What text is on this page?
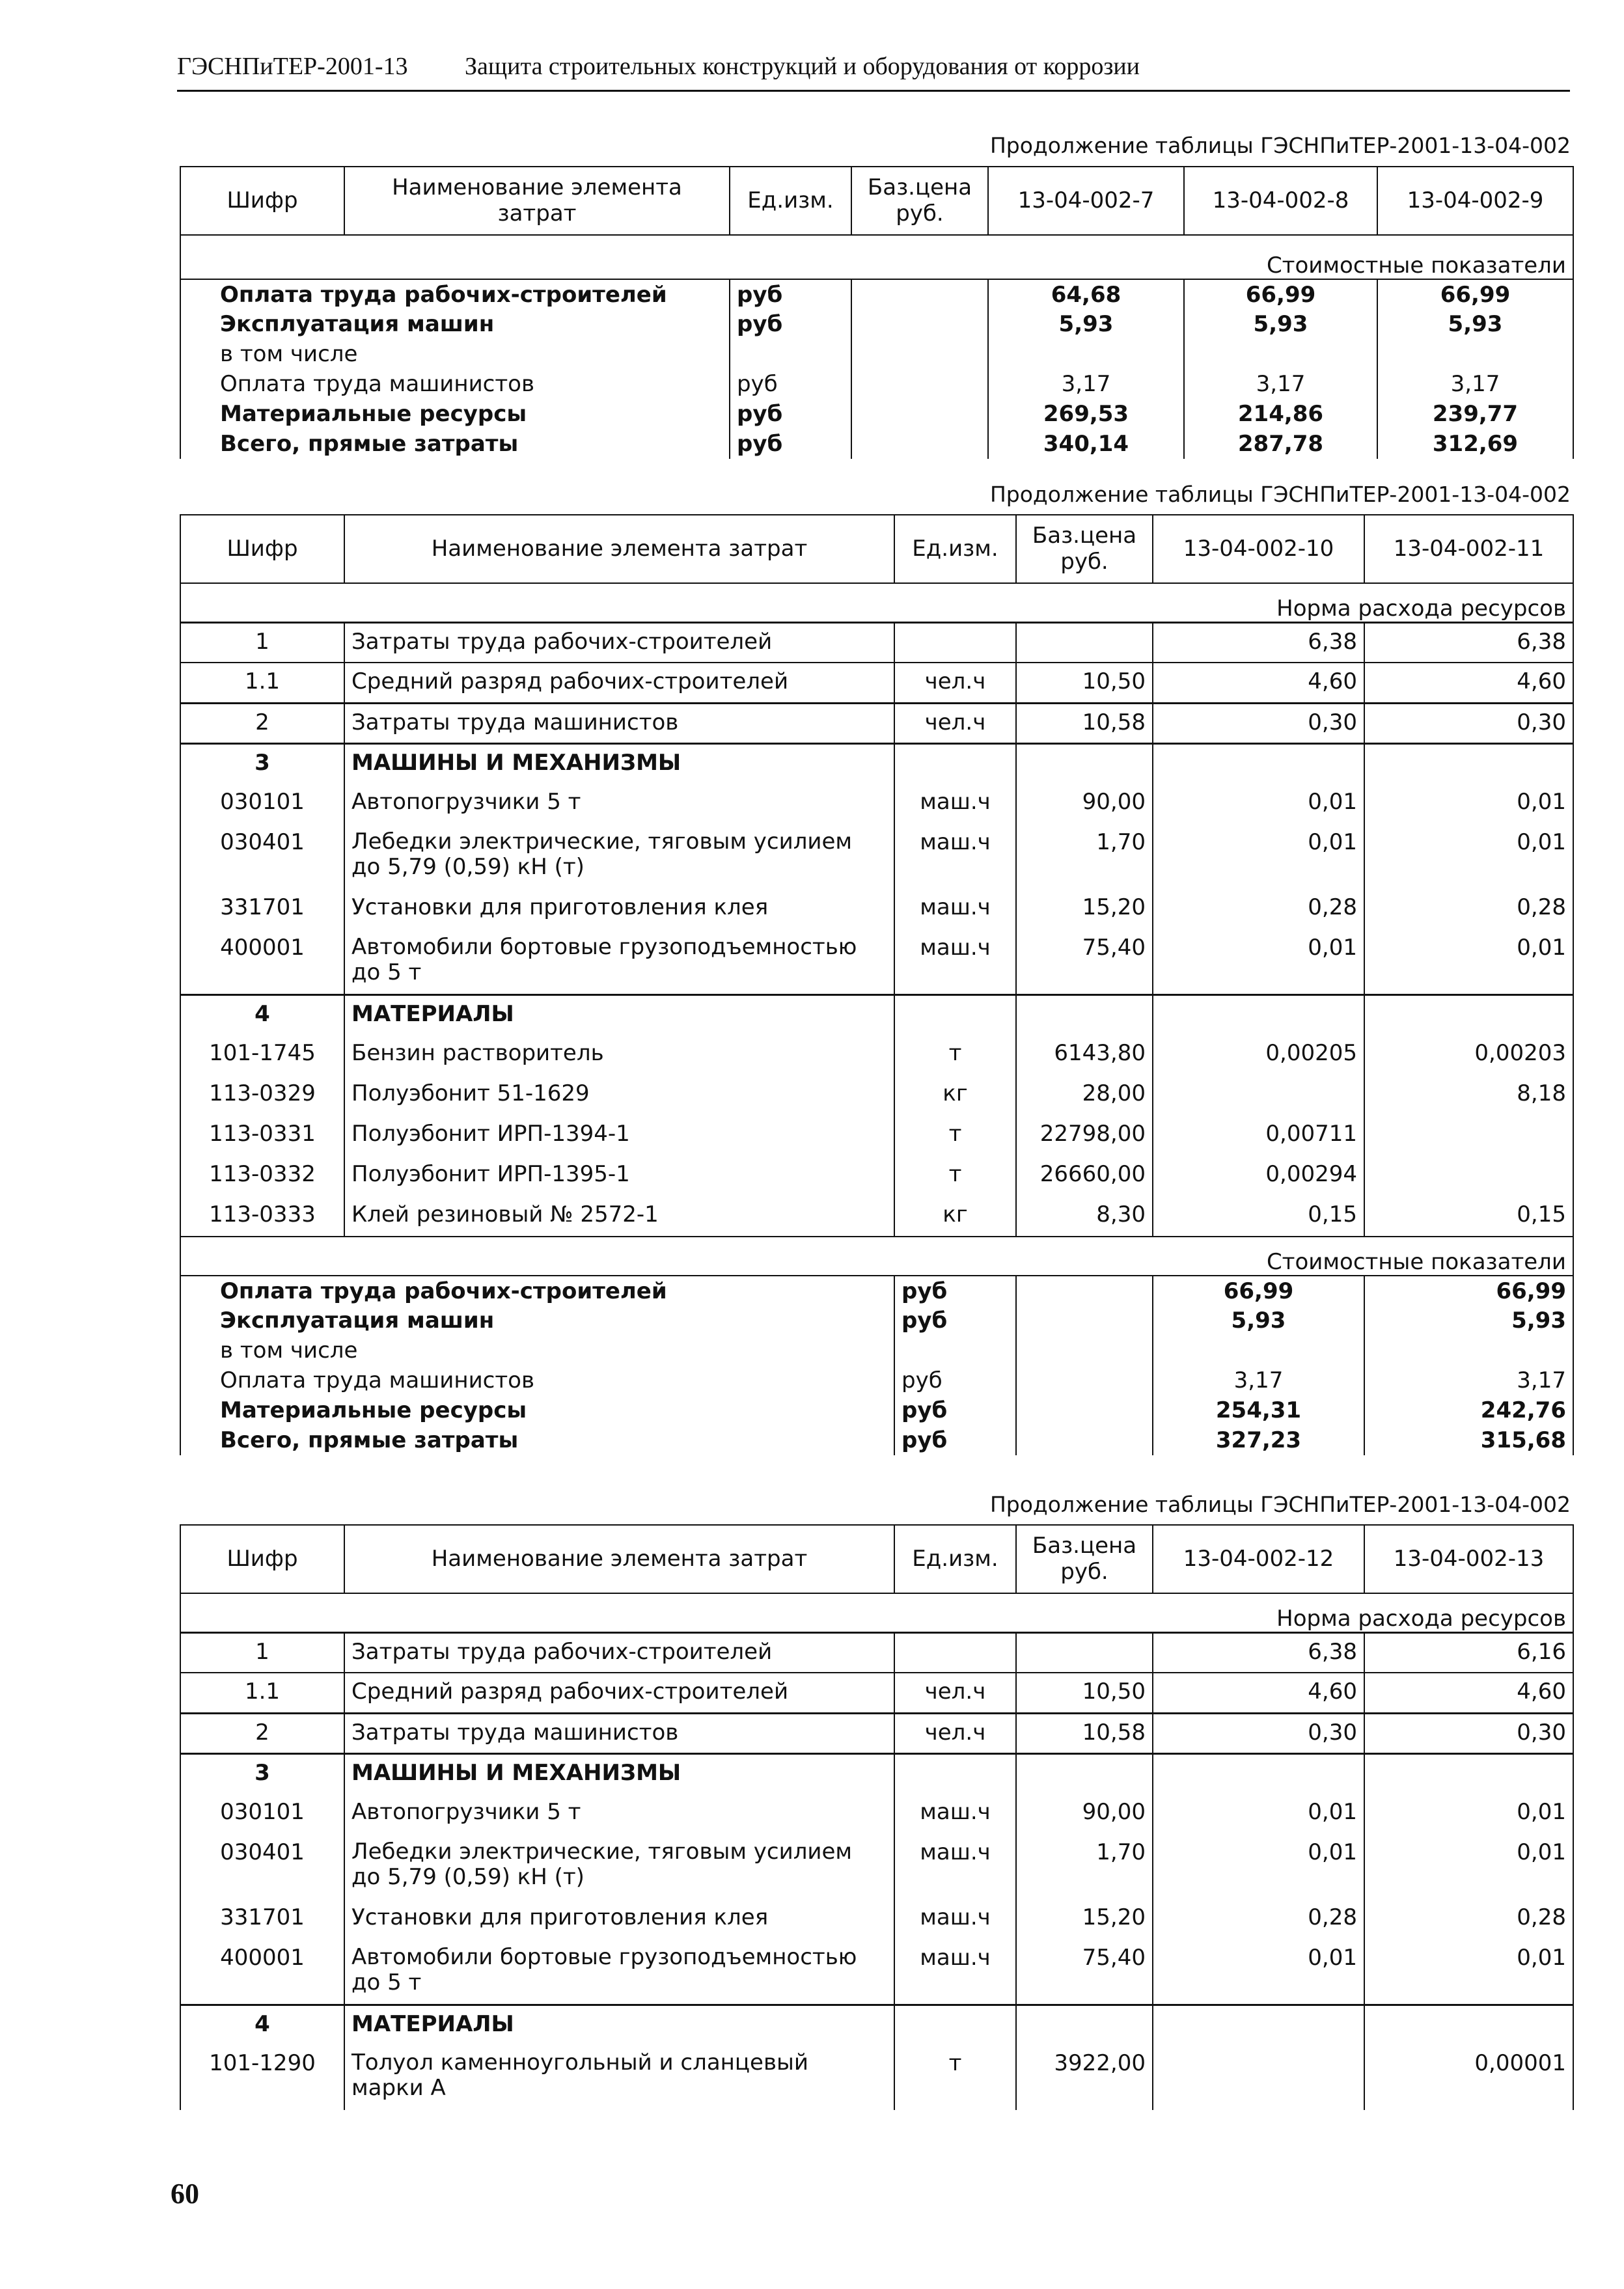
ГЭСНПиТЕР-2001-13 Защита строительных конструкций и оборудования от коррозии
Продолжение таблицы ГЭСНПиТЕР-2001-13-04-002
Шифр	Наименование элемента затрат	Ед.изм.	Баз.цена руб.	13-04-002-7	13-04-002-8	13-04-002-9
Стоимостные показатели						
Оплата труда рабочих-строителей		руб		64,68	66,99	66,99
Эксплуатация машин		руб		5,93	5,93	5,93
в том числе						
Оплата труда машинистов		руб		3,17	3,17	3,17
Материальные ресурсы		руб		269,53	214,86	239,77
Всего, прямые затраты		руб		340,14	287,78	312,69
Продолжение таблицы ГЭСНПиТЕР-2001-13-04-002
Шифр	Наименование элемента затрат	Ед.изм.	Баз.цена руб.	13-04-002-10	13-04-002-11
Норма расхода ресурсов					
1	Затраты труда рабочих-строителей			6,38	6,38
1.1	Средний разряд рабочих-строителей	чел.ч	10,50	4,60	4,60
2	Затраты труда машинистов	чел.ч	10,58	0,30	0,30
3	МАШИНЫ И МЕХАНИЗМЫ				
030101	Автопогрузчики 5 т	маш.ч	90,00	0,01	0,01
030401	Лебедки электрические, тяговым усилием до 5,79 (0,59) кН (т)	маш.ч	1,70	0,01	0,01
331701	Установки для приготовления клея	маш.ч	15,20	0,28	0,28
400001	Автомобили бортовые грузоподъемностью до 5 т	маш.ч	75,40	0,01	0,01
4	МАТЕРИАЛЫ				
101-1745	Бензин растворитель	т	6143,80	0,00205	0,00203
113-0329	Полуэбонит 51-1629	кг	28,00		8,18
113-0331	Полуэбонит ИРП-1394-1	т	22798,00	0,00711	
113-0332	Полуэбонит ИРП-1395-1	т	26660,00	0,00294	
113-0333	Клей резиновый № 2572-1	кг	8,30	0,15	0,15
Стоимостные показатели					
Оплата труда рабочих-строителей		руб		66,99	66,99
Эксплуатация машин		руб		5,93	5,93
в том числе					
Оплата труда машинистов		руб		3,17	3,17
Материальные ресурсы		руб		254,31	242,76
Всего, прямые затраты		руб		327,23	315,68
Продолжение таблицы ГЭСНПиТЕР-2001-13-04-002
Шифр	Наименование элемента затрат	Ед.изм.	Баз.цена руб.	13-04-002-12	13-04-002-13
Норма расхода ресурсов					
1	Затраты труда рабочих-строителей			6,38	6,16
1.1	Средний разряд рабочих-строителей	чел.ч	10,50	4,60	4,60
2	Затраты труда машинистов	чел.ч	10,58	0,30	0,30
3	МАШИНЫ И МЕХАНИЗМЫ				
030101	Автопогрузчики 5 т	маш.ч	90,00	0,01	0,01
030401	Лебедки электрические, тяговым усилием до 5,79 (0,59) кН (т)	маш.ч	1,70	0,01	0,01
331701	Установки для приготовления клея	маш.ч	15,20	0,28	0,28
400001	Автомобили бортовые грузоподъемностью до 5 т	маш.ч	75,40	0,01	0,01
4	МАТЕРИАЛЫ				
101-1290	Толуол каменноугольный и сланцевый марки А	т	3922,00		0,00001
60
